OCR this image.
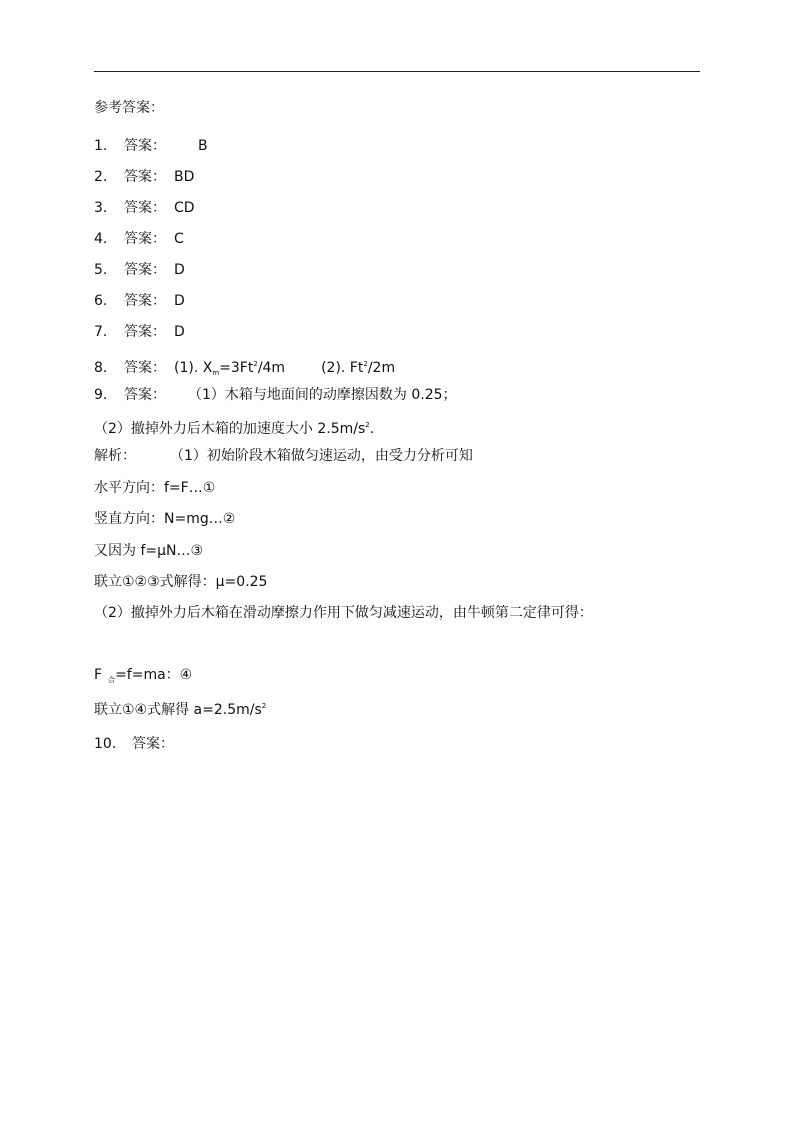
参考答案：
1. 答案： B
2. 答案： BD
3. 答案： CD
4. 答案： C
5. 答案： D
6. 答案： D
7. 答案： D
8. 答案： (1). $X_m=3Ft^2/4m$	(2). Ft$^2$/2m
9. 答案： （1）木箱与地面间的动摩擦因数为 0.25；
（2）撤掉外力后木箱的加速度大小 $2.5m/s^2$.
解析： （1）初始阶段木箱做匀速运动，由受力分析可知
水平方向：f=F…①
竖直方向：N=mg…②
又因为 f=μN…③
联立①②③式解得：μ=0.25
（2）撤掉外力后木箱在滑动摩擦力作用下做匀减速运动，由牛顿第二定律可得：
F $_合$=f=ma：④
联立①④式解得 $a=2.5m/s^2$
10. 答案：
